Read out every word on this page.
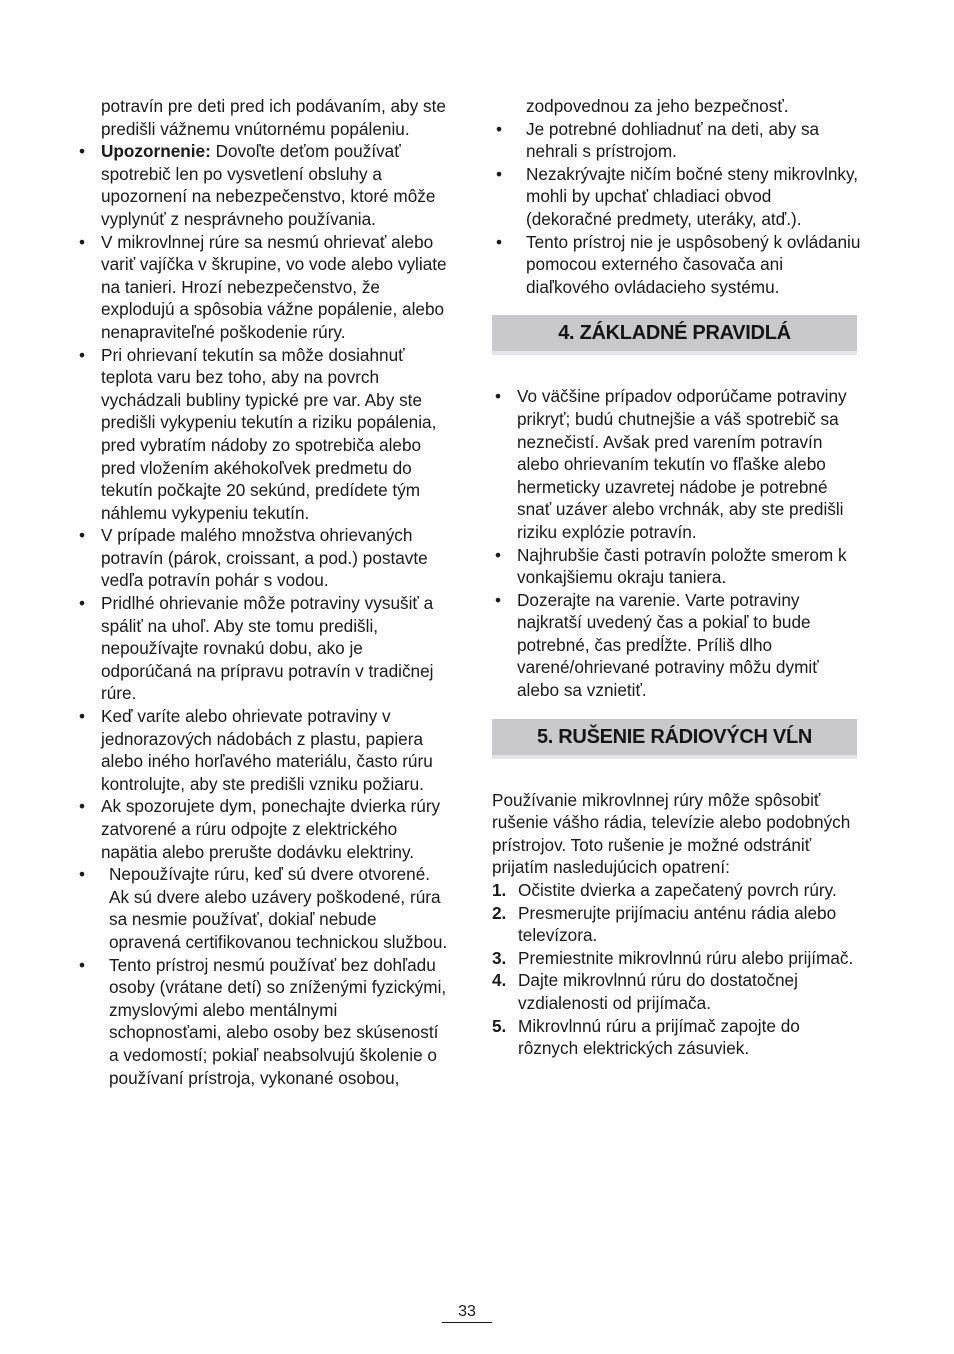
potravín pre deti pred ich podávaním, aby ste predišli vážnemu vnútornému popáleniu.
• Upozornenie: Dovoľte deťom používať spotrebič len po vysvetlení obsluhy a upozornení na nebezpečenstvo, ktoré môže vyplynúť z nesprávneho používania.
• V mikrovlnnej rúre sa nesmú ohrievať alebo variť vajíčka v škrupine, vo vode alebo vyliate na tanieri. Hrozí nebezpečenstvo, že explodujú a spôsobia vážne popálenie, alebo nenapraviteľné poškodenie rúry.
• Pri ohrievaní tekutín sa môže dosiahnuť teplota varu bez toho, aby na povrch vychádzali bubliny typické pre var. Aby ste predišli vykypeniu tekutín a riziku popálenia, pred vybratím nádoby zo spotrebiča alebo pred vložením akéhokoľvek predmetu do tekutín počkajte 20 sekúnd, predídete tým náhlemu vykypeniu tekutín.
• V prípade malého množstva ohrievaných potravín (párok, croissant, a pod.) postavte vedľa potravín pohár s vodou.
• Pridlhé ohrievanie môže potraviny vysušiť a spáliť na uhoľ. Aby ste tomu predišli, nepoužívajte rovnakú dobu, ako je odporúčaná na prípravu potravín v tradičnej rúre.
• Keď varíte alebo ohrievate potraviny v jednorazových nádobách z plastu, papiera alebo iného horľavého materiálu, často rúru kontrolujte, aby ste predišli vzniku požiaru.
• Ak spozorujete dym, ponechajte dvierka rúry zatvorené a rúru odpojte z elektrického napätia alebo prerušte dodávku elektriny.
• Nepoužívajte rúru, keď sú dvere otvorené. Ak sú dvere alebo uzávery poškodené, rúra sa nesmie používať, dokiaľ nebude opravená certifikovanou technickou službou.
• Tento prístroj nesmú používať bez dohľadu osoby (vrátane detí) so zníženými fyzickými, zmyslovými alebo mentálnymi schopnosťami, alebo osoby bez skúseností a vedomostí; pokiaľ neabsolvujú školenie o používaní prístroja, vykonané osobou,
zodpovednou za jeho bezpečnosť.
• Je potrebné dohliadnuť na deti, aby sa nehrali s prístrojom.
• Nezakrývajte ničím bočné steny mikrovlnky, mohli by upchať chladiaci obvod (dekoračné predmety, uteráky, atď.).
• Tento prístroj nie je uspôsobený k ovládaniu pomocou externého časovača ani diaľkového ovládacieho systému.
4. ZÁKLADNÉ PRAVIDLÁ
• Vo väčšine prípadov odporúčame potraviny prikryť; budú chutnejšie a váš spotrebič sa neznečistí. Avšak pred varením potravín alebo ohrievaním tekutín vo fľaške alebo hermeticky uzavretej nádobe je potrebné snať uzáver alebo vrchnák, aby ste predišli riziku explózie potravín.
• Najhrubšie časti potravín položte smerom k vonkajšiemu okraju taniera.
• Dozerajte na varenie. Varte potraviny najkratší uvedený čas a pokiaľ to bude potrebné, čas predĺžte. Príliš dlho varené/ohrievané potraviny môžu dymiť alebo sa vznietiť.
5. RUŠENIE RÁDIOVÝCH VĹN
Používanie mikrovlnnej rúry môže spôsobiť rušenie vášho rádia, televízie alebo podobných prístrojov. Toto rušenie je možné odstrániť prijatím nasledujúcich opatrení:
1. Očistite dvierka a zapečatený povrch rúry.
2. Presmerujte prijímaciu anténu rádia alebo televízora.
3. Premiestnite mikrovlnnú rúru alebo prijímač.
4. Dajte mikrovlnnú rúru do dostatočnej vzdialenosti od prijímača.
5. Mikrovlnnú rúru a prijímač zapojte do rôznych elektrických zásuviek.
33
